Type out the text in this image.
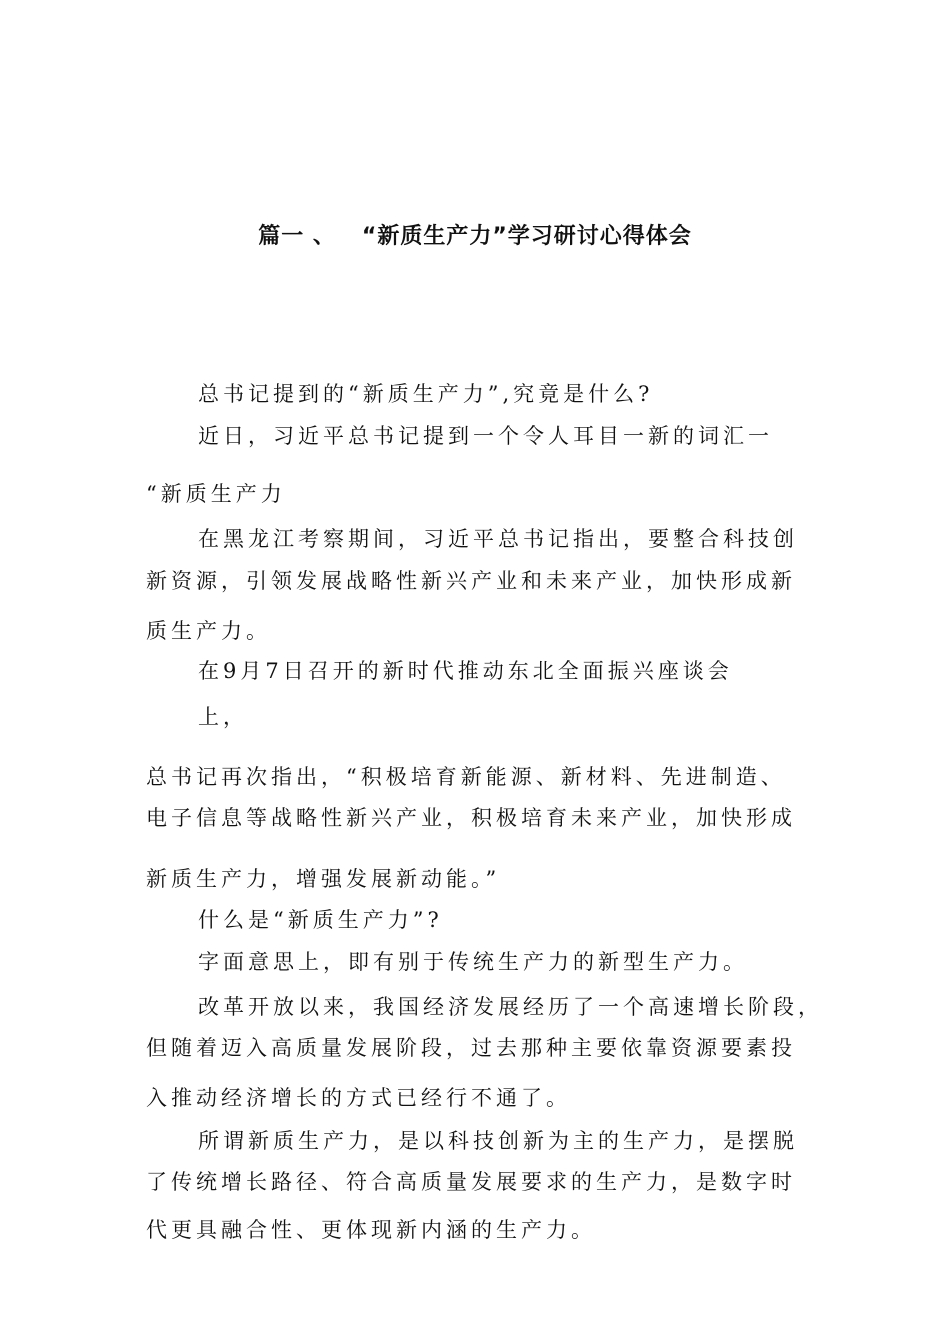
篇一 、   “新质生产力”学习研讨心得体会
总书记提到的“新质生产力”,究竟是什么?
近日，习近平总书记提到一个令人耳目一新的词汇一
“新质生产力
在黑龙江考察期间，习近平总书记指出，要整合科技创
新资源，引领发展战略性新兴产业和未来产业，加快形成新
质生产力。
在9月7日召开的新时代推动东北全面振兴座谈会
上，
总书记再次指出，“积极培育新能源、新材料、先进制造、
电子信息等战略性新兴产业，积极培育未来产业，加快形成
新质生产力，增强发展新动能。”
什么是“新质生产力”?
字面意思上，即有别于传统生产力的新型生产力。
改革开放以来，我国经济发展经历了一个高速增长阶段，
但随着迈入高质量发展阶段，过去那种主要依靠资源要素投
入推动经济增长的方式已经行不通了。
所谓新质生产力，是以科技创新为主的生产力，是摆脱
了传统增长路径、符合高质量发展要求的生产力，是数字时
代更具融合性、更体现新内涵的生产力。
